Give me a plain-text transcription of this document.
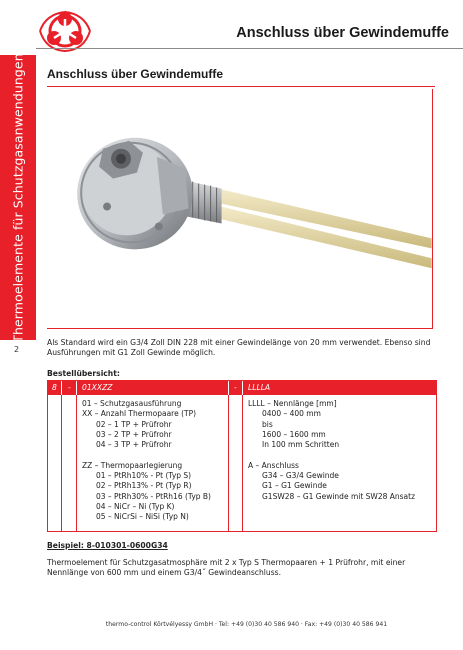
Anschluss über Gewindemuffe
Thermoelemente für Schutzgasanwendungen
2
Anschluss über Gewindemuffe
Als Standard wird ein G3/4 Zoll DIN 228 mit einer Gewindelänge von 20 mm verwendet. Ebenso sind Ausführungen mit G1 Zoll Gewinde möglich.
Bestellübersicht:
8 - 01XXZZ	- LLLLA
01 – Schutzgasausführung
XX – Anzahl Thermopaare (TP)
02 – 1 TP + Prüfrohr
03 – 2 TP + Prüfrohr
04 – 3 TP + Prüfrohr
ZZ – Thermopaarlegierung
01 – PtRh10% - Pt (Typ S)
02 – PtRh13% - Pt (Typ R)
03 – PtRh30% - PtRh16 (Typ B)
04 – NiCr – Ni (Typ K)
05 – NiCrSi – NiSi (Typ N)
LLLL – Nennlänge [mm]
0400 – 400 mm
bis
1600 – 1600 mm
In 100 mm Schritten
A – Anschluss
G34 – G3/4 Gewinde
G1 – G1 Gewinde
G1SW28 – G1 Gewinde mit SW28 Ansatz
Beispiel: 8-010301-0600G34
Thermoelement für Schutzgasatmosphäre mit 2 x Typ S Thermopaaren + 1 Prüfrohr, mit einer Nennlänge von 600 mm und einem G3/4˝ Gewindeanschluss.
thermo-control Körtvélyessy GmbH · Tel: +49 (0)30 40 586 940 · Fax: +49 (0)30 40 586 941
